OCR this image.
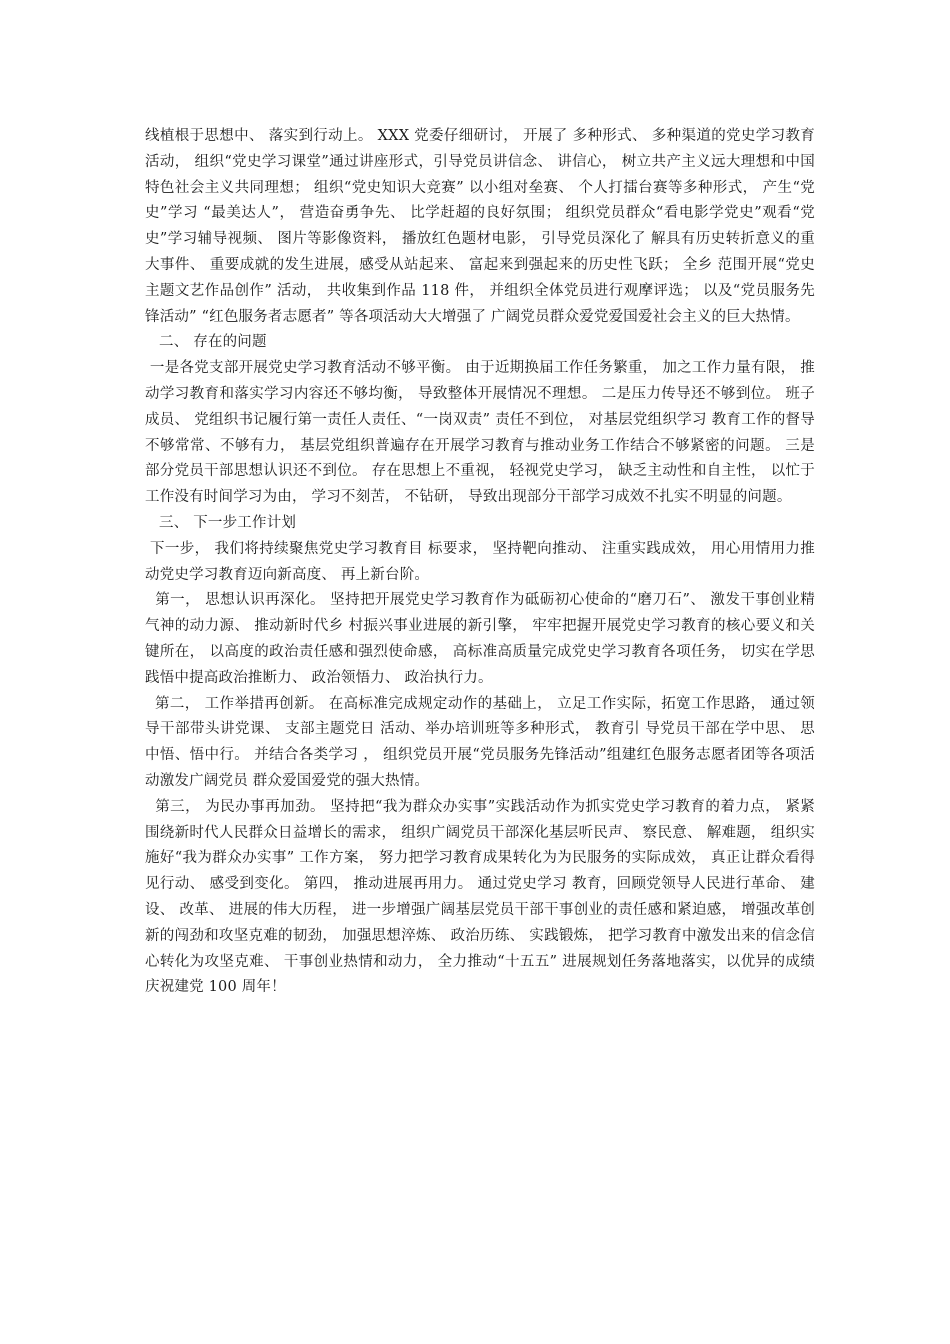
线植根于思想中、 落实到行动上。 XXX 党委仔细研讨， 开展了 多种形式、 多种渠道的党史学习教育活动， 组织“党史学习课堂”通过讲座形式，引导党员讲信念、 讲信心， 树立共产主义远大理想和中国特色社会主义共同理想； 组织“党史知识大竞赛” 以小组对垒赛、 个人打擂台赛等多种形式， 产生“党史”学习 “最美达人”， 营造奋勇争先、 比学赶超的良好氛围； 组织党员群众“看电影学党史”观看“党史”学习辅导视频、 图片等影像资料， 播放红色题材电影， 引导党员深化了 解具有历史转折意义的重大事件、 重要成就的发生进展，感受从站起来、 富起来到强起来的历史性飞跃； 全乡 范围开展“党史主题文艺作品创作” 活动， 共收集到作品 118 件， 并组织全体党员进行观摩评选； 以及“党员服务先锋活动” “红色服务者志愿者” 等各项活动大大增强了 广阔党员群众爱党爱国爱社会主义的巨大热情。

二、 存在的问题

一是各党支部开展党史学习教育活动不够平衡。 由于近期换届工作任务繁重， 加之工作力量有限， 推动学习教育和落实学习内容还不够均衡， 导致整体开展情况不理想。 二是压力传导还不够到位。 班子成员、 党组织书记履行第一责任人责任、“一岗双责” 责任不到位， 对基层党组织学习 教育工作的督导不够常常、不够有力， 基层党组织普遍存在开展学习教育与推动业务工作结合不够紧密的问题。 三是部分党员干部思想认识还不到位。 存在思想上不重视， 轻视党史学习， 缺乏主动性和自主性， 以忙于工作没有时间学习为由， 学习不刻苦， 不钻研， 导致出现部分干部学习成效不扎实不明显的问题。

三、 下一步工作计划

下一步， 我们将持续聚焦党史学习教育目 标要求， 坚持靶向推动、 注重实践成效， 用心用情用力推动党史学习教育迈向新高度、 再上新台阶。

第一， 思想认识再深化。 坚持把开展党史学习教育作为砥砺初心使命的“磨刀石”、 激发干事创业精气神的动力源、 推动新时代乡 村振兴事业进展的新引擎， 牢牢把握开展党史学习教育的核心要义和关键所在， 以高度的政治责任感和强烈使命感， 高标准高质量完成党史学习教育各项任务， 切实在学思践悟中提高政治推断力、 政治领悟力、 政治执行力。

第二， 工作举措再创新。 在高标准完成规定动作的基础上， 立足工作实际，拓宽工作思路， 通过领导干部带头讲党课、 支部主题党日 活动、举办培训班等多种形式， 教育引 导党员干部在学中思、 思中悟、悟中行。 并结合各类学习 ， 组织党员开展“党员服务先锋活动”组建红色服务志愿者团等各项活动激发广阔党员 群众爱国爱党的强大热情。

第三， 为民办事再加劲。 坚持把“我为群众办实事”实践活动作为抓实党史学习教育的着力点， 紧紧围绕新时代人民群众日益增长的需求， 组织广阔党员干部深化基层听民声、 察民意、 解难题， 组织实施好“我为群众办实事” 工作方案， 努力把学习教育成果转化为为民服务的实际成效， 真正让群众看得见行动、 感受到变化。 第四， 推动进展再用力。 通过党史学习 教育，回顾党领导人民进行革命、 建设、 改革、 进展的伟大历程， 进一步增强广阔基层党员干部干事创业的责任感和紧迫感， 增强改革创新的闯劲和攻坚克难的韧劲， 加强思想淬炼、 政治历练、 实践锻炼， 把学习教育中激发出来的信念信心转化为攻坚克难、 干事创业热情和动力， 全力推动“十五五” 进展规划任务落地落实，以优异的成绩庆祝建党 100 周年！
